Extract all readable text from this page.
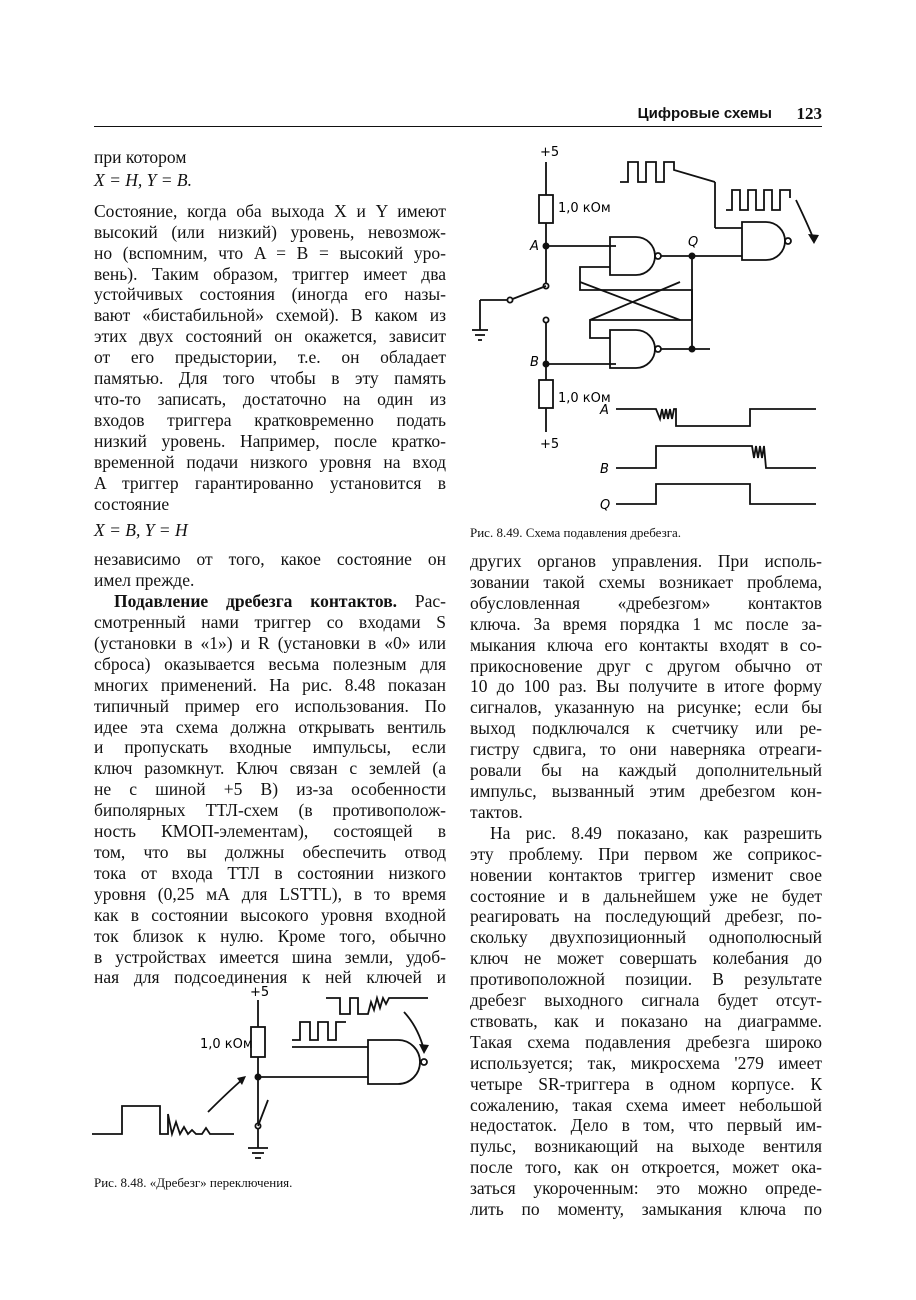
Цифровые схемы 123

при котором

X = H, Y = B.

Состояние, когда оба выхода X и Y имеют

высокий (или низкий) уровень, невозмож-

но (вспомним, что A = B = высокий уро-

вень). Таким образом, триггер имеет два

устойчивых состояния (иногда его назы-

вают «бистабильной» схемой). В каком из

этих двух состояний он окажется, зависит

от его предыстории, т.е. он обладает

памятью. Для того чтобы в эту память

что-то записать, достаточно на один из

входов триггера кратковременно подать

низкий уровень. Например, после кратко-

временной подачи низкого уровня на вход

A триггер гарантированно установится в

состояние

X = B, Y = H

независимо от того, какое состояние он

имел прежде.

Подавление дребезга контактов. Рас-

смотренный нами триггер со входами S

(установки в «1») и R (установки в «0» или

сброса) оказывается весьма полезным для

многих применений. На рис. 8.48 показан

типичный пример его использования. По

идее эта схема должна открывать вентиль

и пропускать входные импульсы, если

ключ разомкнут. Ключ связан с землей (а

не с шиной +5 В) из-за особенности

биполярных ТТЛ-схем (в противополож-

ность КМОП-элементам), состоящей в

том, что вы должны обеспечить отвод

тока от входа ТТЛ в состоянии низкого

уровня (0,25 мА для LSTTL), в то время

как в состоянии высокого уровня входной

ток близок к нулю. Кроме того, обычно

в устройствах имеется шина земли, удоб-

ная для подсоединения к ней ключей и

других органов управления. При исполь-

зовании такой схемы возникает проблема,

обусловленная «дребезгом» контактов

ключа. За время порядка 1 мс после за-

мыкания ключа его контакты входят в со-

прикосновение друг с другом обычно от

10 до 100 раз. Вы получите в итоге форму

сигналов, указанную на рисунке; если бы

выход подключался к счетчику или ре-

гистру сдвига, то они наверняка отреаги-

ровали бы на каждый дополнительный

импульс, вызванный этим дребезгом кон-

тактов.

На рис. 8.49 показано, как разрешить

эту проблему. При первом же соприкос-

новении контактов триггер изменит свое

состояние и в дальнейшем уже не будет

реагировать на последующий дребезг, по-

скольку двухпозиционный однополюсный

ключ не может совершать колебания до

противоположной позиции. В результате

дребезг выходного сигнала будет отсут-

ствовать, как и показано на диаграмме.

Такая схема подавления дребезга широко

используется; так, микросхема '279 имеет

четыре SR-триггера в одном корпусе. К

сожалению, такая схема имеет небольшой

недостаток. Дело в том, что первый им-

пульс, возникающий на выходе вентиля

после того, как он откроется, может ока-

заться укороченным: это можно опреде-

лить по моменту, замыкания ключа по

+5
1,0 кОм
Рис. 8.48. «Дребезг» переключения.
+5
1,0 кОм
A	Q
B
1,0 кОм
+5
A
B
Q
Рис. 8.49. Схема подавления дребезга.
